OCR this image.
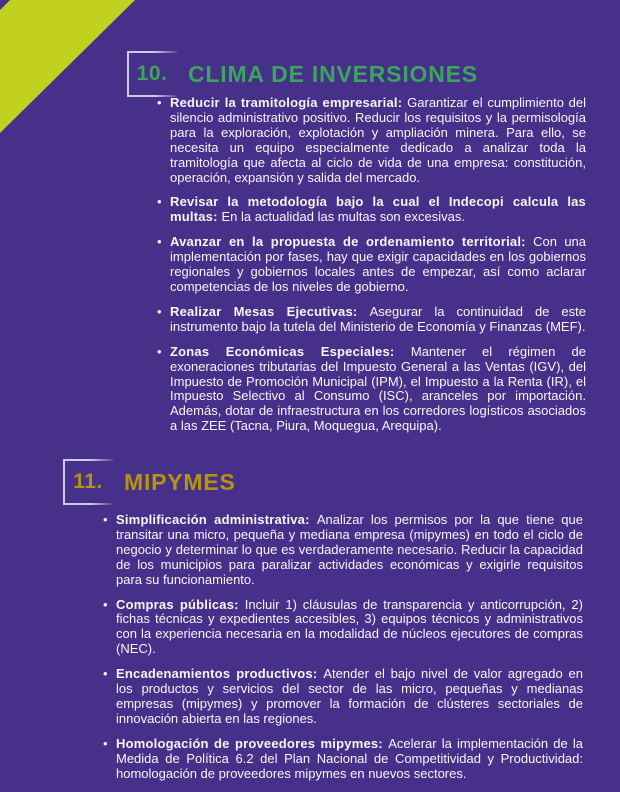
10. CLIMA DE INVERSIONES
• Reducir la tramitología empresarial: Garantizar el cumplimiento del silencio administrativo positivo. Reducir los requisitos y la permisología para la exploración, explotación y ampliación minera. Para ello, se necesita un equipo especialmente dedicado a analizar toda la tramitología que afecta al ciclo de vida de una empresa: constitución, operación, expansión y salida del mercado.
• Revisar la metodología bajo la cual el Indecopi calcula las multas: En la actualidad las multas son excesivas.
• Avanzar en la propuesta de ordenamiento territorial: Con una implementación por fases, hay que exigir capacidades en los gobiernos regionales y gobiernos locales antes de empezar, así como aclarar competencias de los niveles de gobierno.
• Realizar Mesas Ejecutivas: Asegurar la continuidad de este instrumento bajo la tutela del Ministerio de Economía y Finanzas (MEF).
• Zonas Económicas Especiales: Mantener el régimen de exoneraciones tributarias del Impuesto General a las Ventas (IGV), del Impuesto de Promoción Municipal (IPM), el Impuesto a la Renta (IR), el Impuesto Selectivo al Consumo (ISC), aranceles por importación. Además, dotar de infraestructura en los corredores logísticos asociados a las ZEE (Tacna, Piura, Moquegua, Arequipa).
11. MIPYMES
• Simplificación administrativa: Analizar los permisos por la que tiene que transitar una micro, pequeña y mediana empresa (mipymes) en todo el ciclo de negocio y determinar lo que es verdaderamente necesario. Reducir la capacidad de los municipios para paralizar actividades económicas y exigirle requisitos para su funcionamiento.
• Compras públicas: Incluir 1) cláusulas de transparencia y anticorrupción, 2) fichas técnicas y expedientes accesibles, 3) equipos técnicos y administrativos con la experiencia necesaria en la modalidad de núcleos ejecutores de compras (NEC).
• Encadenamientos productivos: Atender el bajo nivel de valor agregado en los productos y servicios del sector de las micro, pequeñas y medianas empresas (mipymes) y promover la formación de clústeres sectoriales de innovación abierta en las regiones.
• Homologación de proveedores mipymes: Acelerar la implementación de la Medida de Política 6.2 del Plan Nacional de Competitividad y Productividad: homologación de proveedores mipymes en nuevos sectores.
